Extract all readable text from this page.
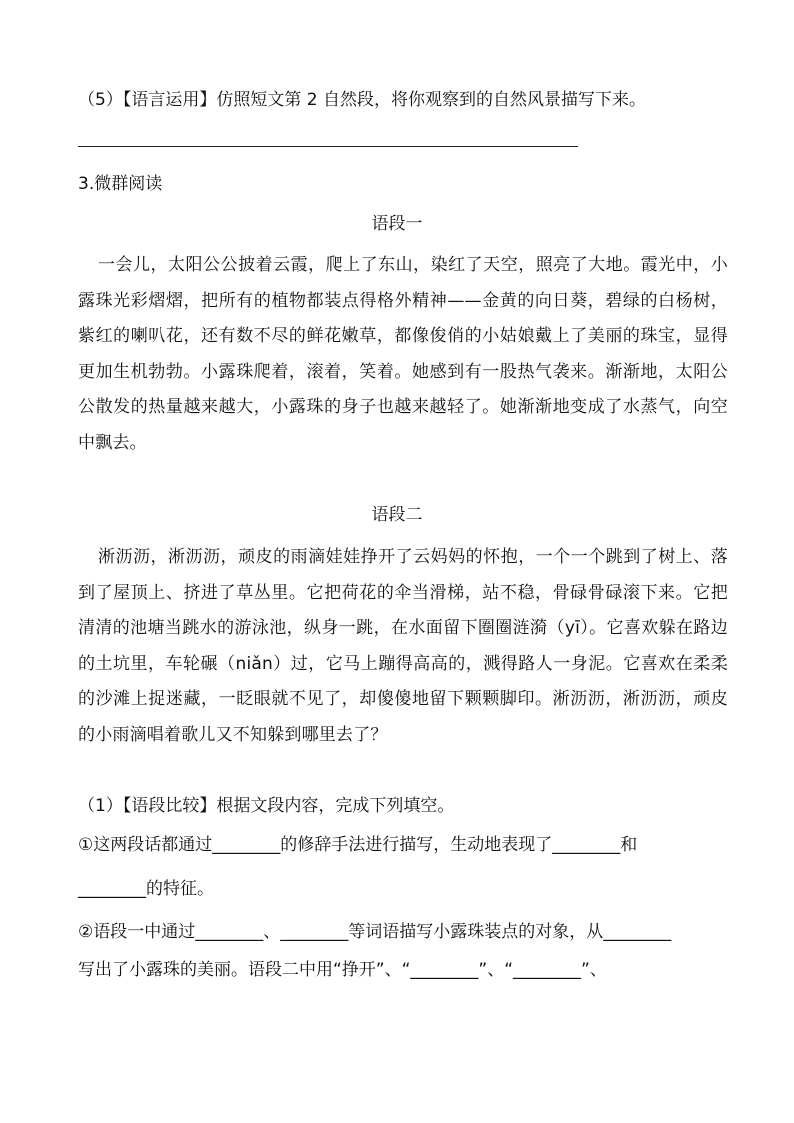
（5）【语言运用】仿照短文第 2 自然段，将你观察到的自然风景描写下来。
3.微群阅读
语段一
一会儿，太阳公公披着云霞，爬上了东山，染红了天空，照亮了大地。霞光中，小露珠光彩熠熠，把所有的植物都装点得格外精神——金黄的向日葵，碧绿的白杨树，紫红的喇叭花，还有数不尽的鲜花嫩草，都像俊俏的小姑娘戴上了美丽的珠宝，显得更加生机勃勃。小露珠爬着，滚着，笑着。她感到有一股热气袭来。渐渐地，太阳公公散发的热量越来越大，小露珠的身子也越来越轻了。她渐渐地变成了水蒸气，向空中飘去。
语段二
淅沥沥，淅沥沥，顽皮的雨滴娃娃挣开了云妈妈的怀抱，一个一个跳到了树上、落到了屋顶上、挤进了草丛里。它把荷花的伞当滑梯，站不稳，骨碌骨碌滚下来。它把清清的池塘当跳水的游泳池，纵身一跳，在水面留下圈圈涟漪（yī）。它喜欢躲在路边的土坑里，车轮碾（niǎn）过，它马上蹦得高高的，溅得路人一身泥。它喜欢在柔柔的沙滩上捉迷藏，一眨眼就不见了，却傻傻地留下颗颗脚印。淅沥沥，淅沥沥，顽皮的小雨滴唱着歌儿又不知躲到哪里去了？
（1）【语段比较】根据文段内容，完成下列填空。
①这两段话都通过________的修辞手法进行描写，生动地表现了________和
________的特征。
②语段一中通过________、________等词语描写小露珠装点的对象，从________
写出了小露珠的美丽。语段二中用“挣开”、“________”、“________”、
